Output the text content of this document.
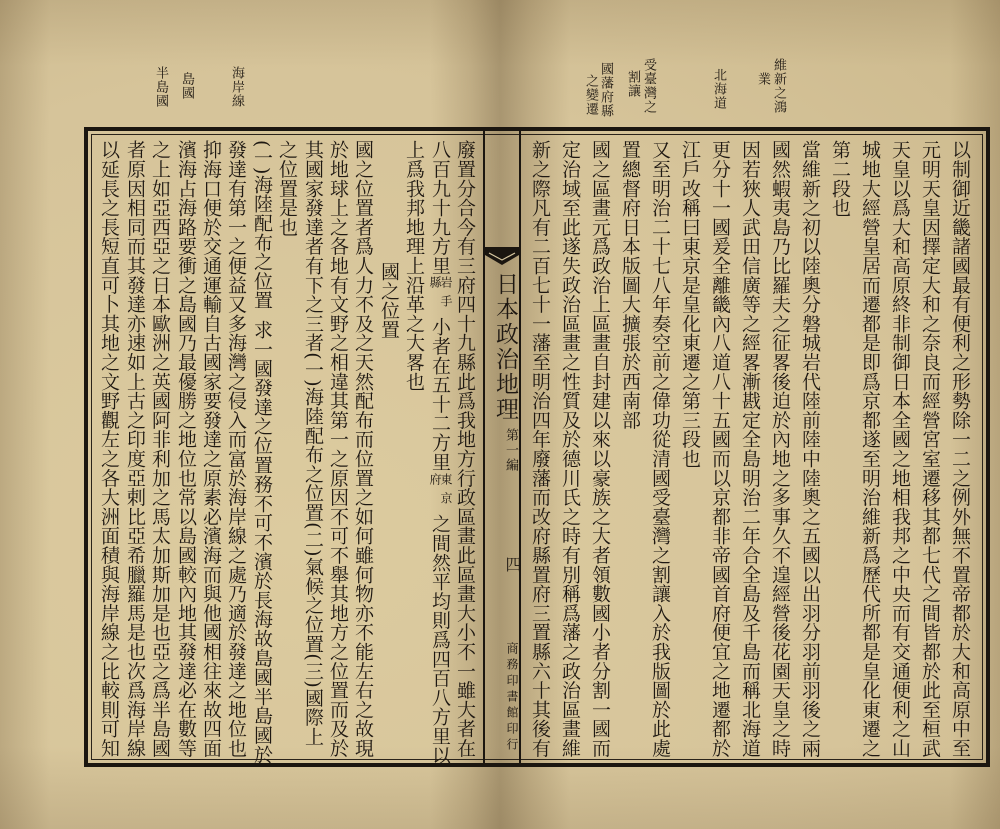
維新之鴻
業
北海道
受臺灣之
割讓
國藩府縣
之變遷
海岸線
島國
半島國
日本政治地理
第一編
四
商務印書館印行	以制御近畿諸國最有便利之形勢除一二之例外無不置帝都於大和高原中至
元明天皇因擇定大和之奈良而經營宮室遷移其都七代之間皆都於此至桓武
天皇以爲大和高原終非制御日本全國之地相我邦之中央而有交通便利之山
城地大經營皇居而遷都是即爲京都遂至明治維新爲歷代所都是皇化東遷之
第二段也
當維新之初以陸奧分磐城岩代陸前陸中陸奧之五國以出羽分羽前羽後之兩
國然蝦夷島乃比羅夫之征畧後迫於內地之多事久不遑經營後花園天皇之時
因若狹人武田信廣等之經畧漸戡定全島明治二年合全島及千島而稱北海道
更分十一國爰全離畿內八道八十五國而以京都非帝國首府便宜之地遷都於
江戶改稱曰東京是皇化東遷之第三段也
又至明治二十七八年奏空前之偉功從清國受臺灣之割讓入於我版圖於此處
置總督府日本版圖大擴張於西南部
國之區畫元爲政治上區畫自封建以來以豪族之大者領數國小者分割一國而
定治域至此遂失政治區畫之性質及於德川氏之時有別稱爲藩之政治區畫維
新之際凡有二百七十一藩至明治四年廢藩而改府縣置府三置縣六十其後有
廢置分合今有三府四十九縣此爲我地方行政區畫此區畫大小不一雖大者在
八百九十九方里
岩手
縣
小者在五十二方里
東京
府
之間然平均則爲四百八方里以
上爲我邦地理上沿革之大畧也
國之位置
國之位置者爲人力不及之天然配布而位置之如何雖何物亦不能左右之故現
於地球上之各地有文野之相違其第一之原因不可不舉其地方之位置而及於
其國家發達者有下之三者(一)海陸配布之位置(二)氣候之位置(三)國際上
之位置是也
(一)海陸配布之位置
求一國發達之位置務不可不濱於長海故島國半島國於
發達有第一之便益又多海灣之侵入而富於海岸線之處乃適於發達之地位也
抑海口便於交通運輸自古國家要發達之原素必濱海而與他國相往來故四面
濱海占海路要衝之島國乃最優勝之地位也常以島國較內地其發達必在數等
之上如亞西亞之日本歐洲之英國阿非利加之馬太加斯加是也亞之爲半島國
者原因相同而其發達亦速如上古之印度亞剌比亞希臘羅馬是也次爲海岸線
以延長之長短直可卜其地之文野觀左之各大洲面積與海岸線之比較則可知
